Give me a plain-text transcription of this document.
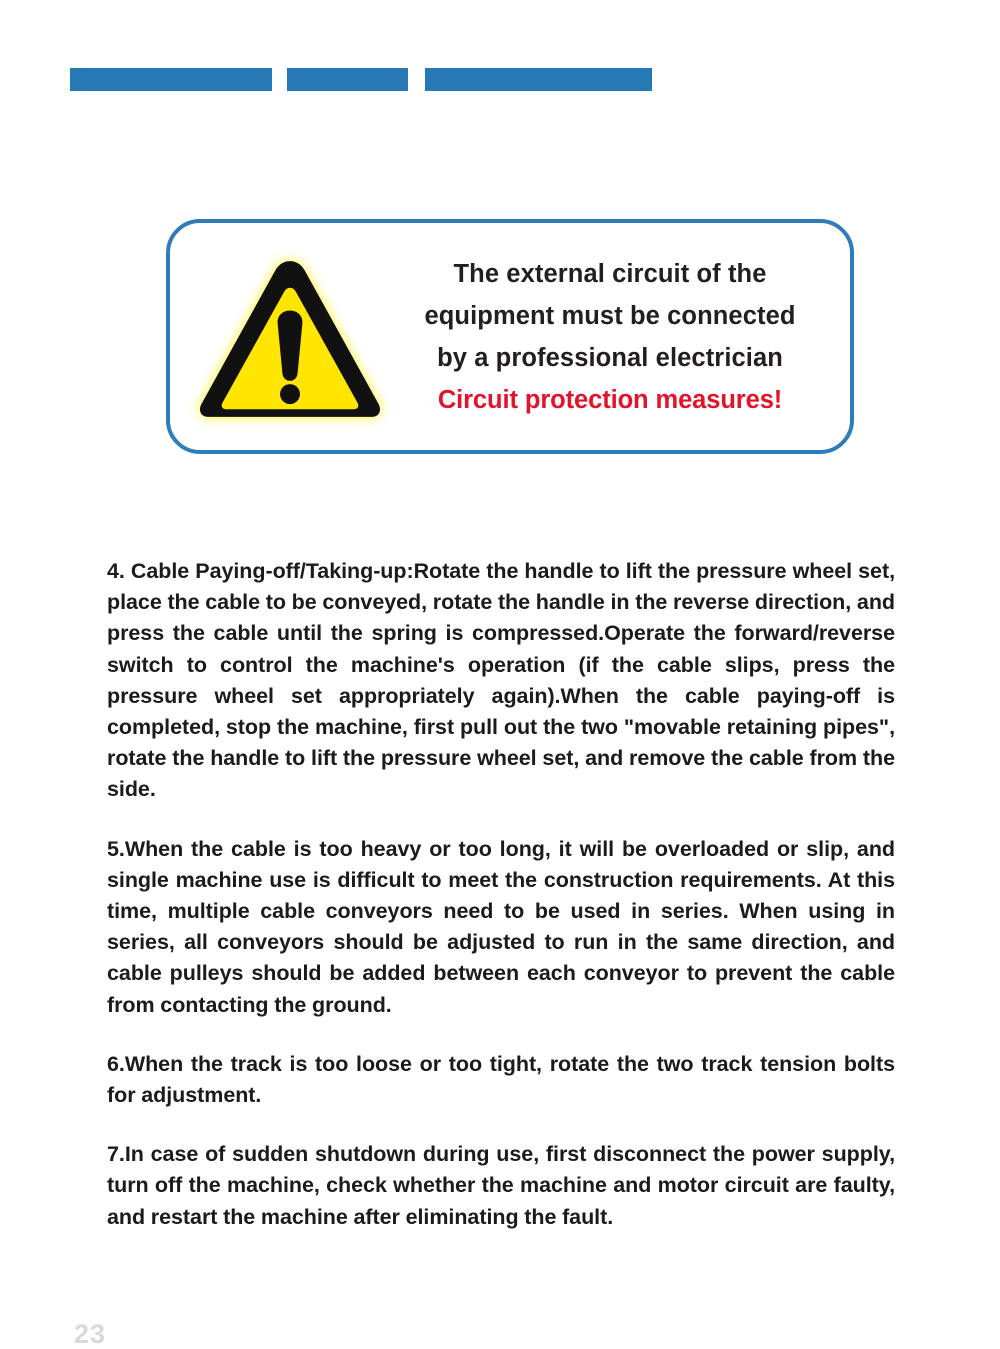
The external circuit of the
equipment must be connected
by a professional electrician
Circuit protection measures!

4. Cable Paying-off/Taking-up:Rotate the handle to lift the pressure wheel set, place the cable to be conveyed, rotate the handle in the reverse direction, and press the cable until the spring is compressed.Operate the forward/reverse switch to control the machine's operation (if the cable slips, press the pressure wheel set appropriately again).When the cable paying-off is completed, stop the machine, first pull out the two "movable retaining pipes", rotate the handle to lift the pressure wheel set, and remove the cable from the side.

5.When the cable is too heavy or too long, it will be overloaded or slip, and single machine use is difficult to meet the construction requirements. At this time, multiple cable conveyors need to be used in series. When using in series, all conveyors should be adjusted to run in the same direction, and cable pulleys should be added between each conveyor to prevent the cable from contacting the ground.

6.When the track is too loose or too tight, rotate the two track tension bolts for adjustment.

7.In case of sudden shutdown during use, first disconnect the power supply, turn off the machine, check whether the machine and motor circuit are faulty, and restart the machine after eliminating the fault.

23
